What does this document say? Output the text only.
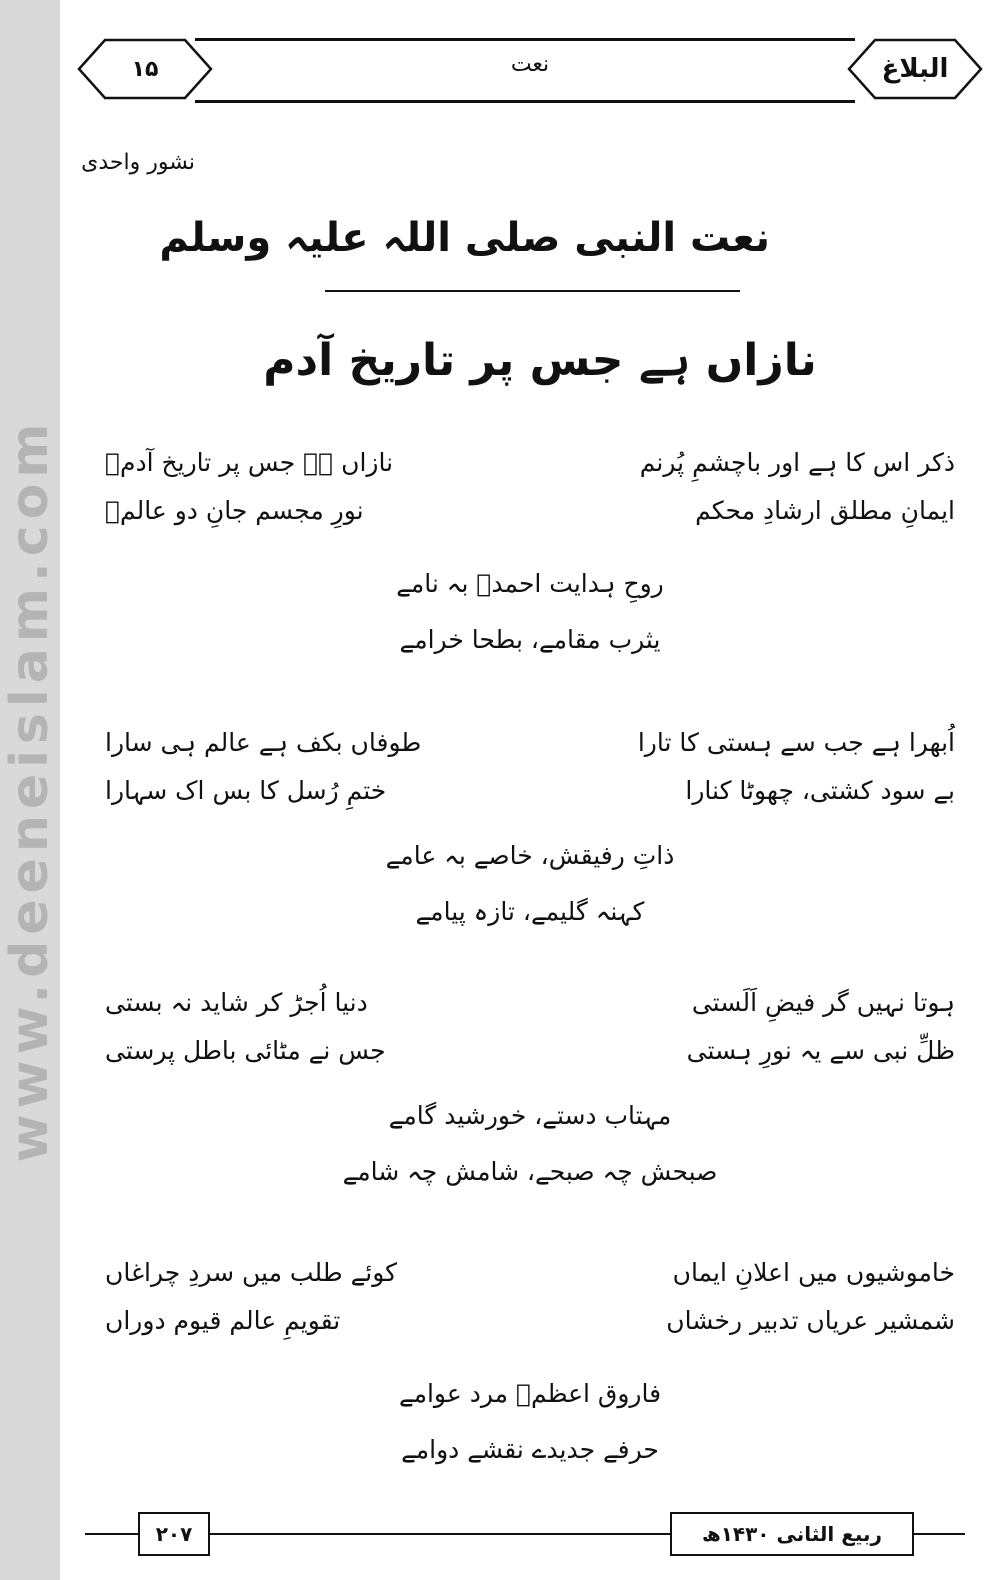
www.deeneislam.com
۱۵	نعت	البلاغ
نشور واحدی
نعت النبی صلی اللہ علیہ وسلم
نازاں ہے جس پر تاریخ آدم
ذکر اس کا ہے اور باچشمِ پُرنم
نازاں ہے جس پر تاریخ آدمؑ
ایمانِ مطلق ارشادِ محکم
نورِ مجسم جانِ دو عالمؐ
روحِ ہدایت احمدؐ بہ نامے
یثرب مقامے، بطحا خرامے
اُبھرا ہے جب سے ہستی کا تارا
طوفاں بکف ہے عالم ہی سارا
بے سود کشتی، چھوٹا کنارا
ختمِ رُسل کا بس اک سہارا
ذاتِ رفیقش، خاصے بہ عامے
کہنہ گلیمے، تازہ پیامے
ہوتا نہیں گر فیضِ اَلَستی
دنیا اُجڑ کر شاید نہ بستی
ظلِّ نبی سے یہ نورِ ہستی
جس نے مٹائی باطل پرستی
مہتاب دستے، خورشید گامے
صبحش چہ صبحے، شامش چہ شامے
خاموشیوں میں اعلانِ ایماں
کوئے طلب میں سردِ چراغاں
شمشیر عریاں تدبیر رخشاں
تقویمِ عالم قیوم دوراں
فاروق اعظمؓ مرد عوامے
حرفے جدیدے نقشے دوامے
۲۰۷	ربیع الثانی ۱۴۳۰ھ
